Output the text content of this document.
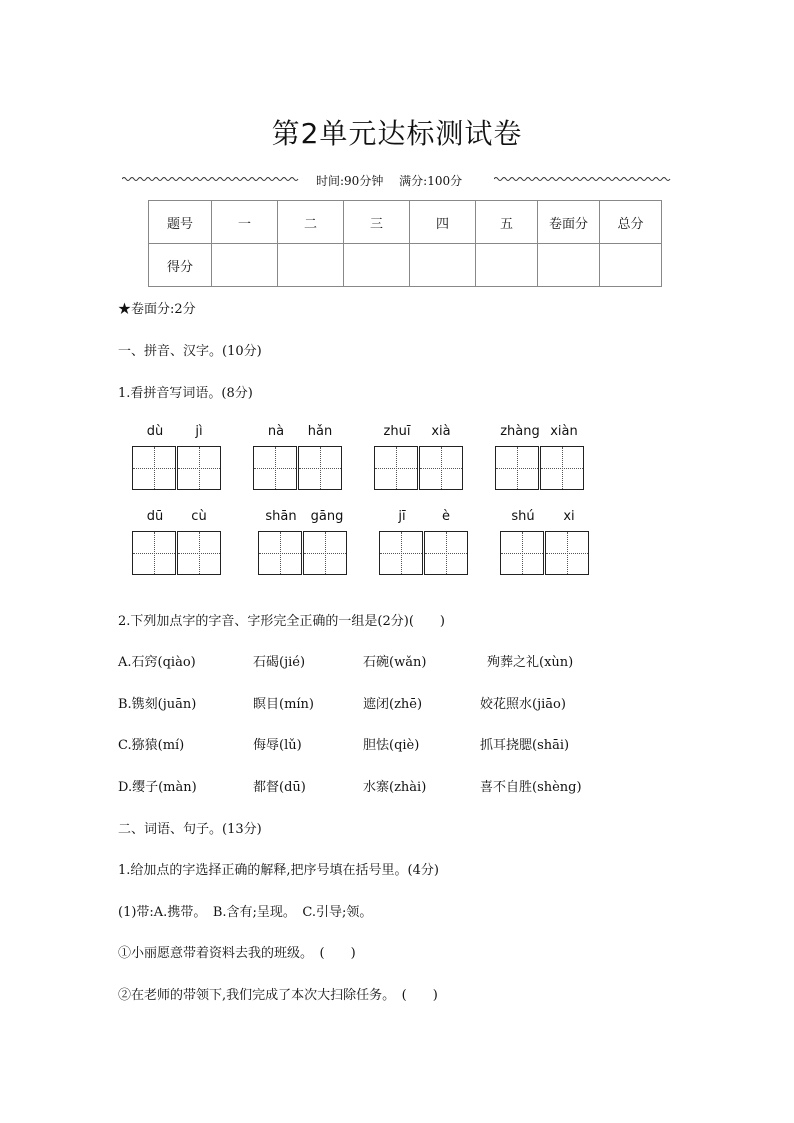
第2单元达标测试卷
时间:90分钟 满分:100分
题号	一	二	三	四	五	卷面分	总分
得分							
★卷面分:2分
一、拼音、汉字。(10分)
1.看拼音写词语。(8分)
dù	jì	nà	hǎn	zhuī	xià	zhàng xiàn
dū	cù	shān	gāng	jī	è	shú	xi
2.下列加点字的字音、字形完全正确的一组是(2分)(　　)
A.石窍(qiào)	石碣(jié)	石碗(wǎn)	殉葬之礼(xùn)
B.镌刻(juān)	瞑目(mín)	遮闭(zhē)	姣花照水(jiāo)
C.猕猿(mí)	侮辱(lǔ)	胆怯(qiè)	抓耳挠腮(shāi)
D.缨子(màn)	都督(dū)	水寨(zhài)	喜不自胜(shèng)
二、词语、句子。(13分)
1.给加点的字选择正确的解释,把序号填在括号里。(4分)
(1)带:A.携带。　B.含有;呈现。　C.引导;领。
①小丽愿意带着资料去我的班级。　(　　)
②在老师的带领下,我们完成了本次大扫除任务。　(　　)
